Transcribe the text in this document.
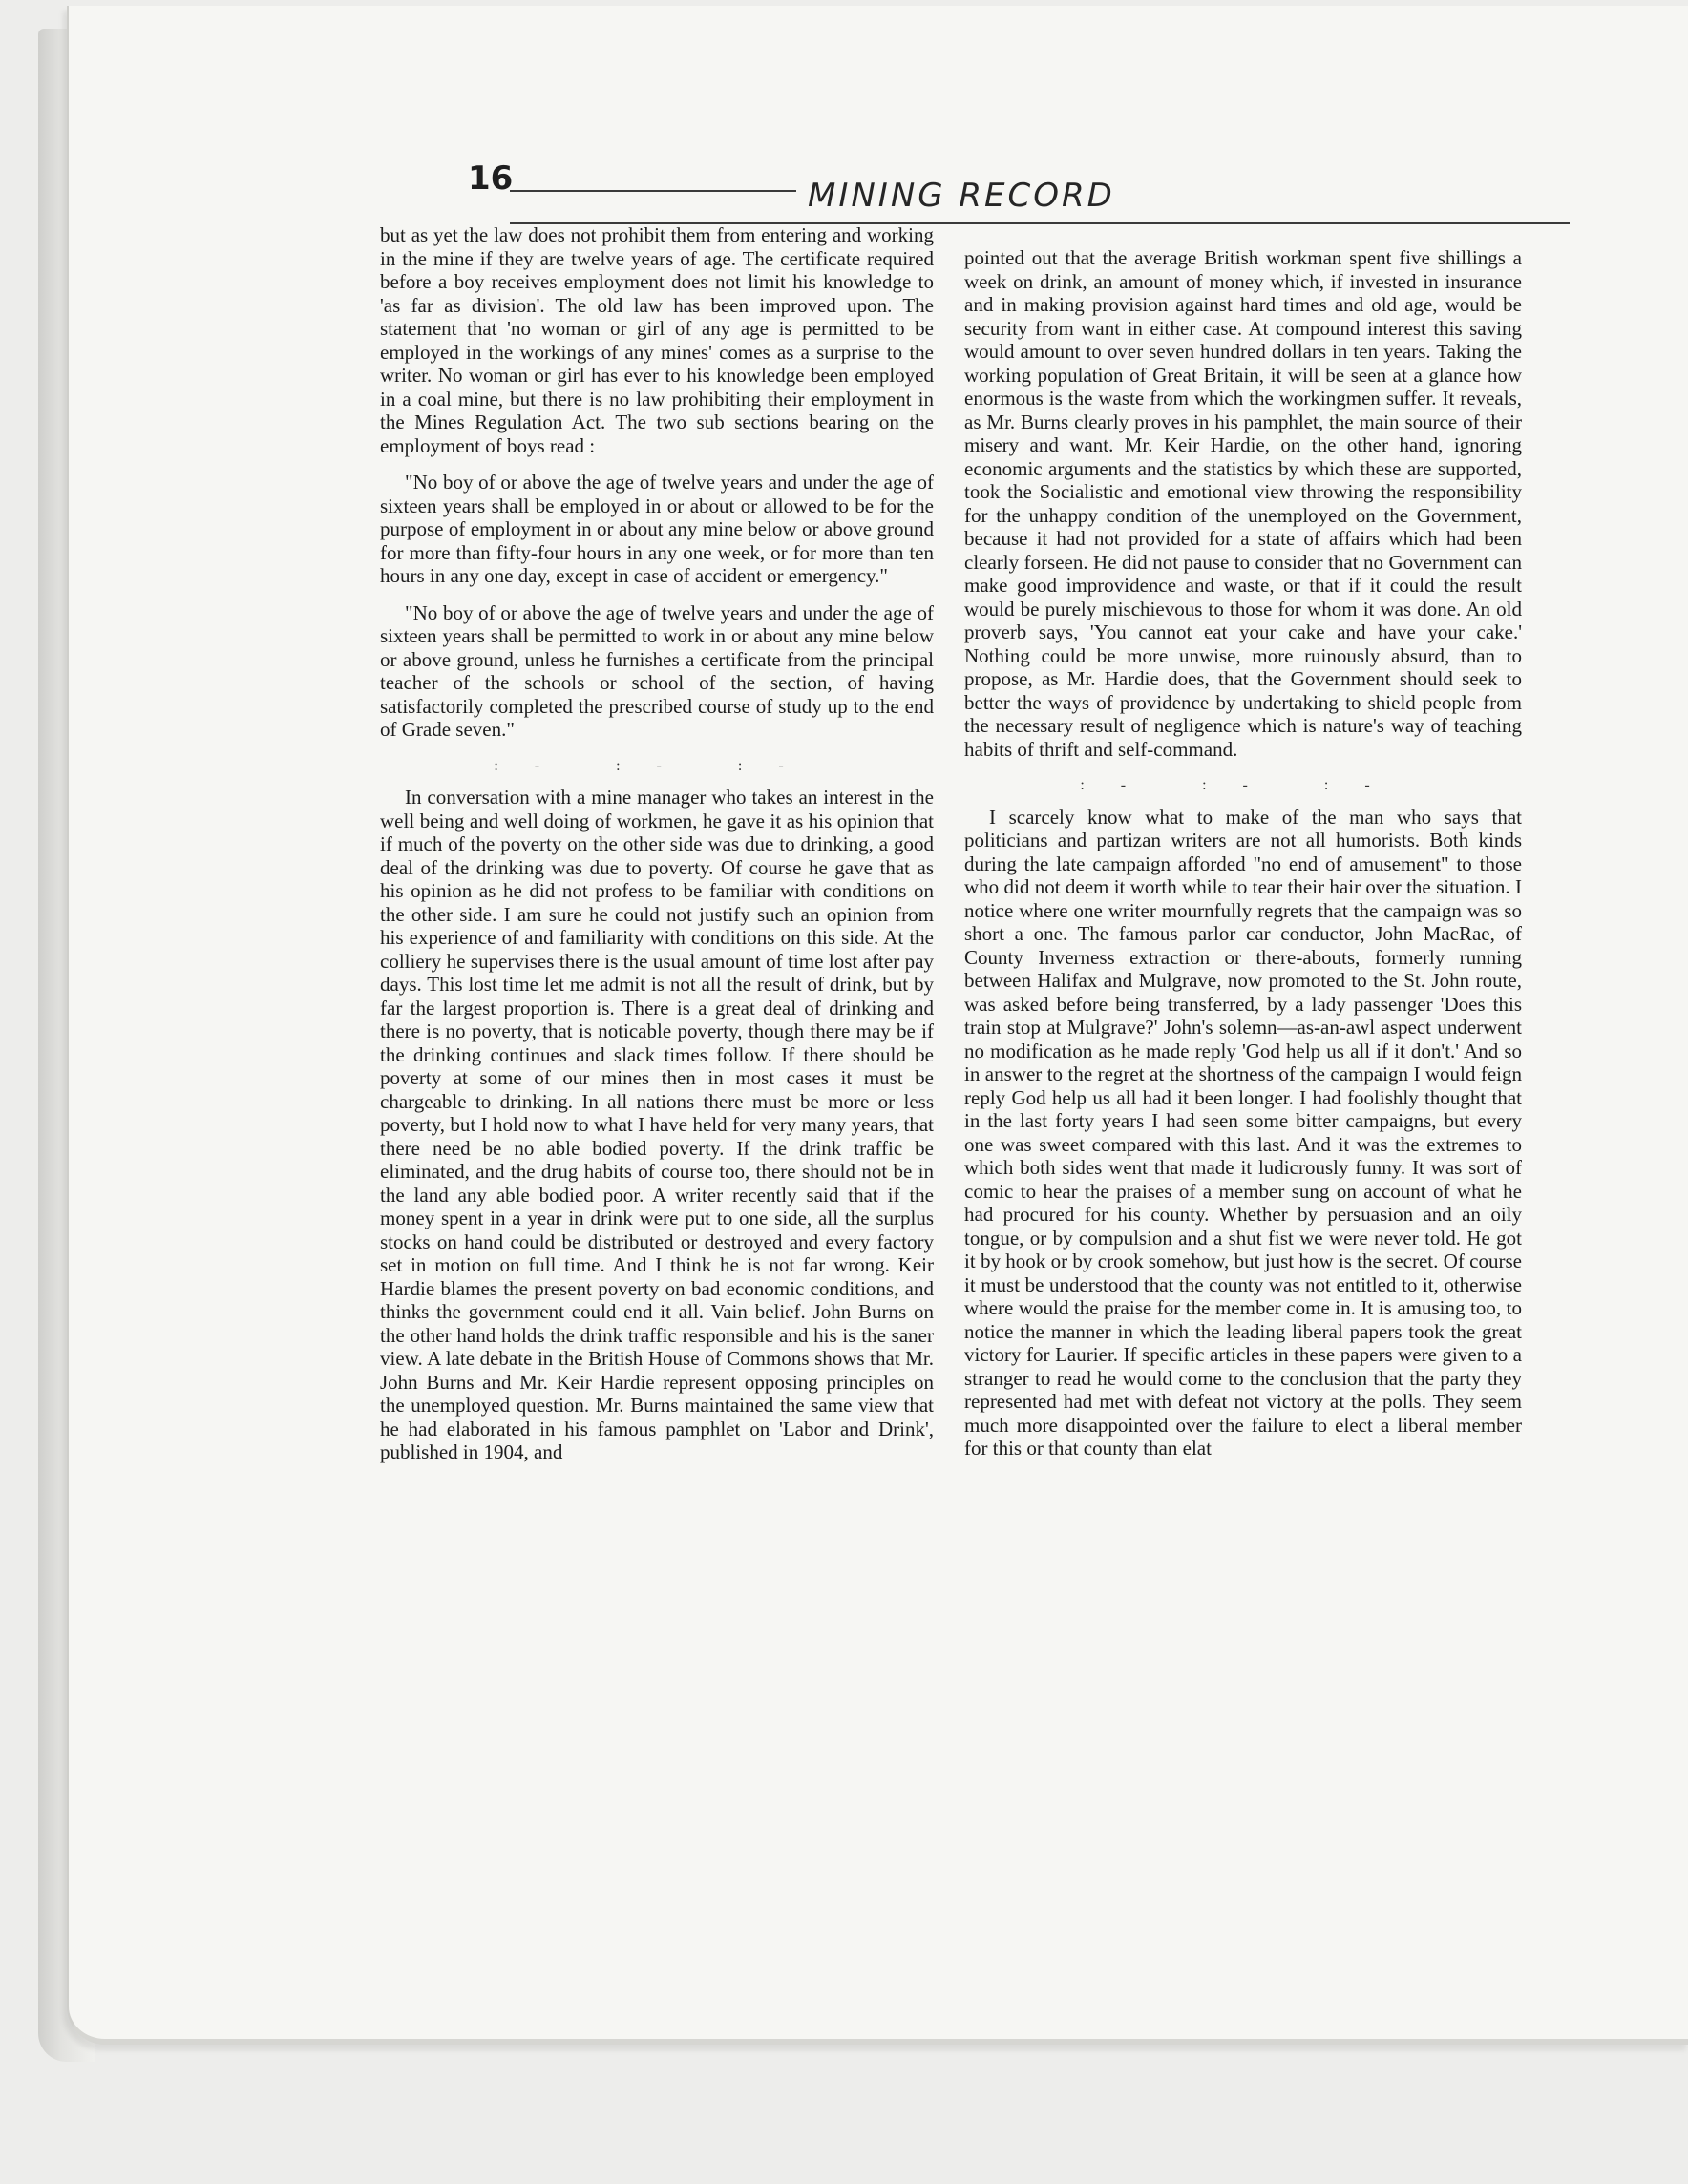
16	MINING RECORD

but as yet the law does not prohibit them from entering and working in the mine if they are twelve years of age. The certificate required before a boy receives employment does not limit his knowledge to 'as far as division'. The old law has been improved upon. The statement that 'no woman or girl of any age is permitted to be employed in the workings of any mines' comes as a surprise to the writer. No woman or girl has ever to his knowledge been employed in a coal mine, but there is no law prohibiting their employment in the Mines Regulation Act. The two sub sections bearing on the employment of boys read :

"No boy of or above the age of twelve years and under the age of sixteen years shall be employed in or about or allowed to be for the purpose of employment in or about any mine below or above ground for more than fifty-four hours in any one week, or for more than ten hours in any one day, except in case of accident or emergency."

"No boy of or above the age of twelve years and under the age of sixteen years shall be permitted to work in or about any mine below or above ground, unless he furnishes a certificate from the principal teacher of the schools or school of the section, of having satisfactorily completed the prescribed course of study up to the end of Grade seven."

:- :- :-

In conversation with a mine manager who takes an interest in the well being and well doing of workmen, he gave it as his opinion that if much of the poverty on the other side was due to drinking, a good deal of the drinking was due to poverty. Of course he gave that as his opinion as he did not profess to be familiar with conditions on the other side. I am sure he could not justify such an opinion from his experience of and familiarity with conditions on this side. At the colliery he supervises there is the usual amount of time lost after pay days. This lost time let me admit is not all the result of drink, but by far the largest proportion is. There is a great deal of drinking and there is no poverty, that is noticable poverty, though there may be if the drinking continues and slack times follow. If there should be poverty at some of our mines then in most cases it must be chargeable to drinking. In all nations there must be more or less poverty, but I hold now to what I have held for very many years, that there need be no able bodied poverty. If the drink traffic be eliminated, and the drug habits of course too, there should not be in the land any able bodied poor. A writer recently said that if the money spent in a year in drink were put to one side, all the surplus stocks on hand could be distributed or destroyed and every factory set in motion on full time. And I think he is not far wrong. Keir Hardie blames the present poverty on bad economic conditions, and thinks the government could end it all. Vain belief. John Burns on the other hand holds the drink traffic responsible and his is the saner view. A late debate in the British House of Commons shows that Mr. John Burns and Mr. Keir Hardie represent opposing principles on the unemployed question. Mr. Burns maintained the same view that he had elaborated in his famous pamphlet on 'Labor and Drink', published in 1904, and

pointed out that the average British workman spent five shillings a week on drink, an amount of money which, if invested in insurance and in making provision against hard times and old age, would be security from want in either case. At compound interest this saving would amount to over seven hundred dollars in ten years. Taking the working population of Great Britain, it will be seen at a glance how enormous is the waste from which the workingmen suffer. It reveals, as Mr. Burns clearly proves in his pamphlet, the main source of their misery and want. Mr. Keir Hardie, on the other hand, ignoring economic arguments and the statistics by which these are supported, took the Socialistic and emotional view throwing the responsibility for the unhappy condition of the unemployed on the Government, because it had not provided for a state of affairs which had been clearly forseen. He did not pause to consider that no Government can make good improvidence and waste, or that if it could the result would be purely mischievous to those for whom it was done. An old proverb says, 'You cannot eat your cake and have your cake.' Nothing could be more unwise, more ruinously absurd, than to propose, as Mr. Hardie does, that the Government should seek to better the ways of providence by undertaking to shield people from the necessary result of negligence which is nature's way of teaching habits of thrift and self-command.

:- :- :-

I scarcely know what to make of the man who says that politicians and partizan writers are not all humorists. Both kinds during the late campaign afforded "no end of amusement" to those who did not deem it worth while to tear their hair over the situation. I notice where one writer mournfully regrets that the campaign was so short a one. The famous parlor car conductor, John MacRae, of County Inverness extraction or there-abouts, formerly running between Halifax and Mulgrave, now promoted to the St. John route, was asked before being transferred, by a lady passenger 'Does this train stop at Mulgrave?' John's solemn—as-an-awl aspect underwent no modification as he made reply 'God help us all if it don't.' And so in answer to the regret at the shortness of the campaign I would feign reply God help us all had it been longer. I had foolishly thought that in the last forty years I had seen some bitter campaigns, but every one was sweet compared with this last. And it was the extremes to which both sides went that made it ludicrously funny. It was sort of comic to hear the praises of a member sung on account of what he had procured for his county. Whether by persuasion and an oily tongue, or by compulsion and a shut fist we were never told. He got it by hook or by crook somehow, but just how is the secret. Of course it must be understood that the county was not entitled to it, otherwise where would the praise for the member come in. It is amusing too, to notice the manner in which the leading liberal papers took the great victory for Laurier. If specific articles in these papers were given to a stranger to read he would come to the conclusion that the party they represented had met with defeat not victory at the polls. They seem much more disappointed over the failure to elect a liberal member for this or that county than elat
